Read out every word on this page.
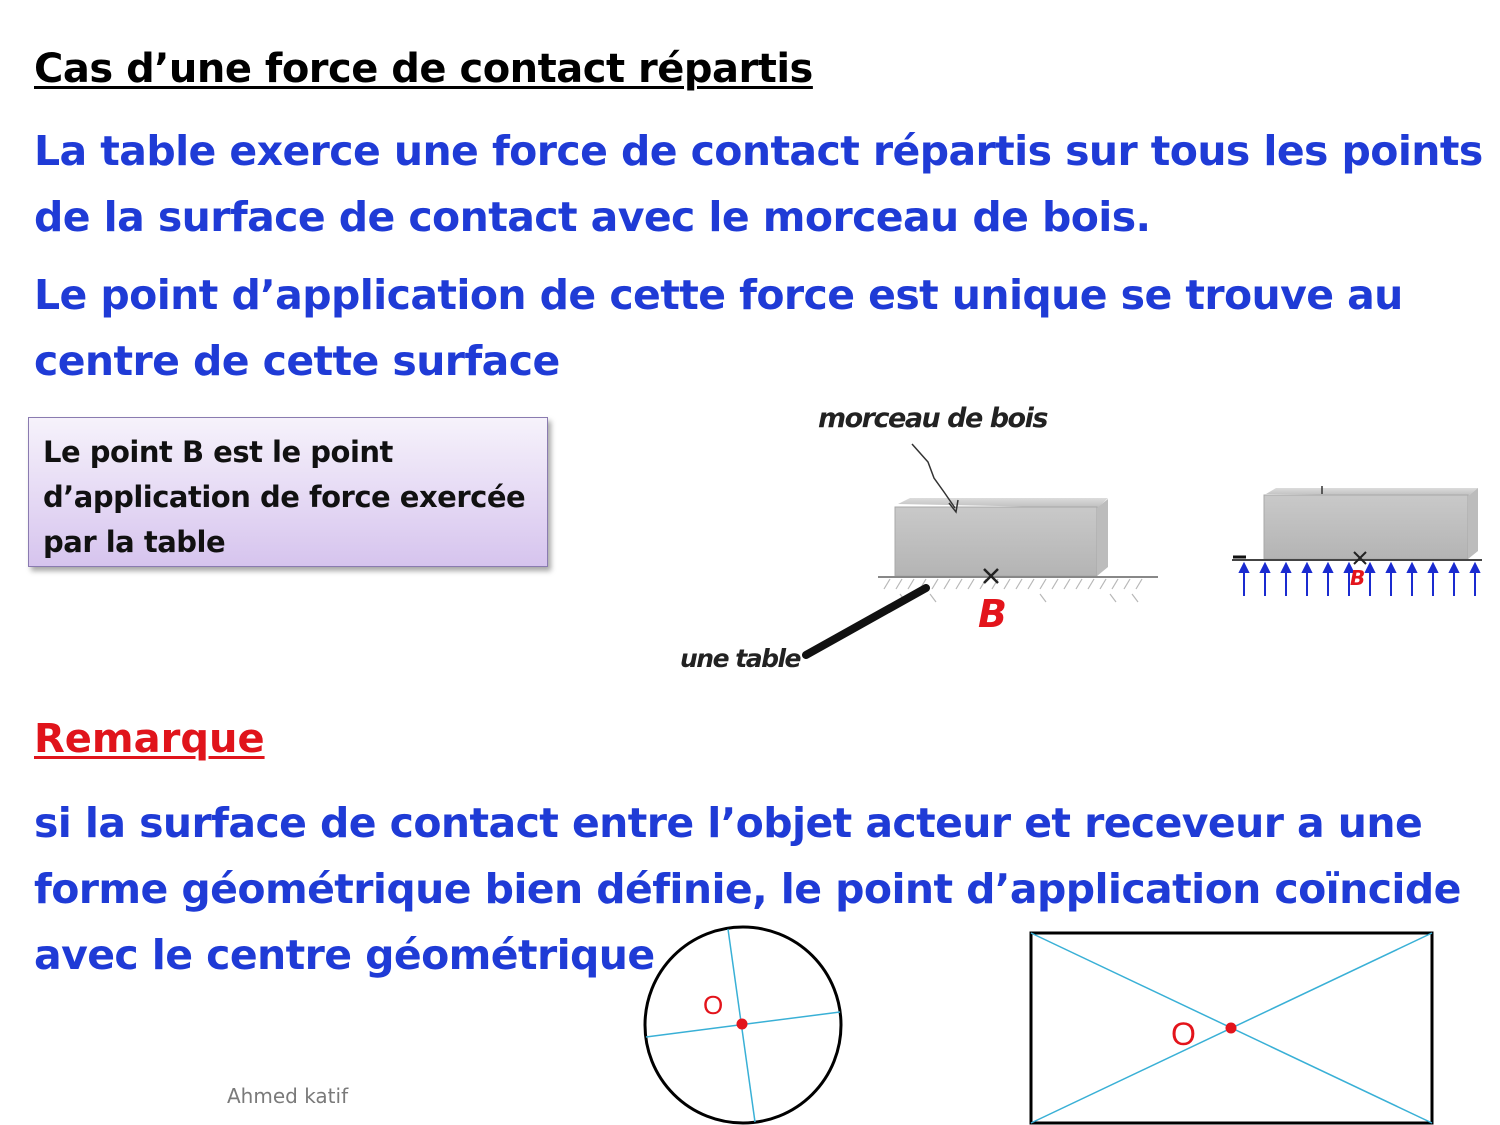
Cas d’une force de contact répartis
La table exerce une force de contact répartis sur tous les points de la surface de contact avec le morceau de bois.
Le point d’application de cette force est unique se trouve au centre de cette surface
Le point B est le point d’application de force exercée par la table
Remarque
si la surface de contact entre l’objet acteur et receveur a une forme géométrique bien définie, le point d’application coïncide avec le centre géométrique
Ahmed katif
B
morceau de bois
une table
B
O
O
